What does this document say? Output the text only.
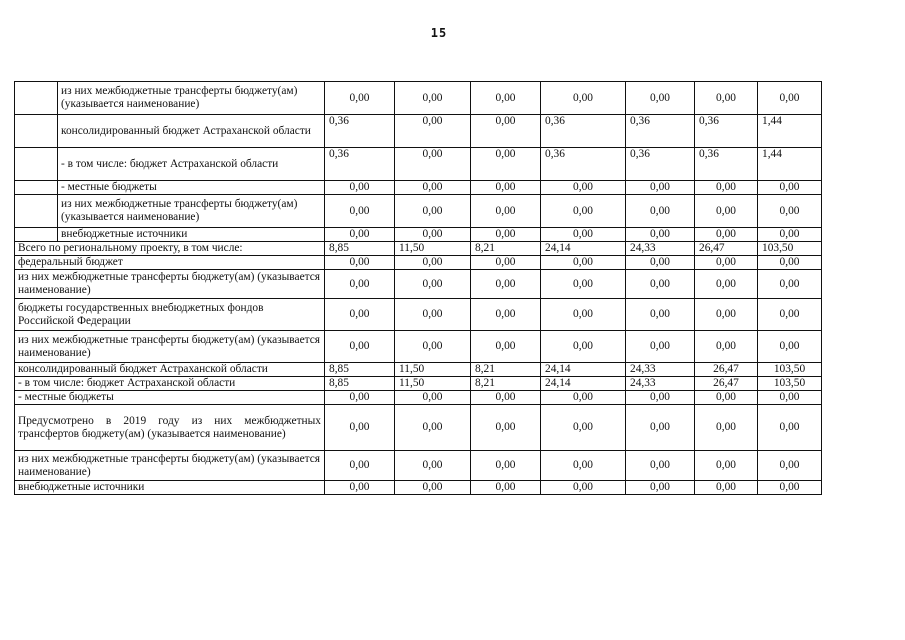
15
	из них межбюджетные трансферты бюджету(ам) (указывается наименование)	0,00	0,00	0,00	0,00	0,00	0,00	0,00
	консолидированный бюджет Астраханской области	0,36	0,00	0,00	0,36	0,36	0,36	1,44

	- в том числе: бюджет Астраханской области	0,36	0,00	0,00	0,36	0,36	0,36	1,44
	- местные бюджеты	0,00	0,00	0,00	0,00	0,00	0,00	0,00
	из них межбюджетные трансферты бюджету(ам) (указывается наименование)	0,00	0,00	0,00	0,00	0,00	0,00	0,00
	внебюджетные источники	0,00	0,00	0,00	0,00	0,00	0,00	0,00
Всего по региональному проекту, в том числе:		8,85	11,50	8,21	24,14	24,33	26,47	103,50
федеральный бюджет		0,00	0,00	0,00	0,00	0,00	0,00	0,00
из них межбюджетные трансферты бюджету(ам) (указывается наименование)		0,00	0,00	0,00	0,00	0,00	0,00	0,00
бюджеты государственных внебюджетных фондов Российской Федерации		0,00	0,00	0,00	0,00	0,00	0,00	0,00
из них межбюджетные трансферты бюджету(ам) (указывается наименование)		0,00	0,00	0,00	0,00	0,00	0,00	0,00
консолидированный бюджет Астраханской области		8,85	11,50	8,21	24,14	24,33	26,47	103,50
- в том числе: бюджет Астраханской области		8,85	11,50	8,21	24,14	24,33	26,47	103,50
- местные бюджеты		0,00	0,00	0,00	0,00	0,00	0,00	0,00

Предусмотрено в 2019 году из них межбюджетных трансфертов бюджету(ам) (указывается наименование)		0,00	0,00	0,00	0,00	0,00	0,00	0,00
из них межбюджетные трансферты бюджету(ам) (указывается наименование)		0,00	0,00	0,00	0,00	0,00	0,00	0,00
внебюджетные источники		0,00	0,00	0,00	0,00	0,00	0,00	0,00
